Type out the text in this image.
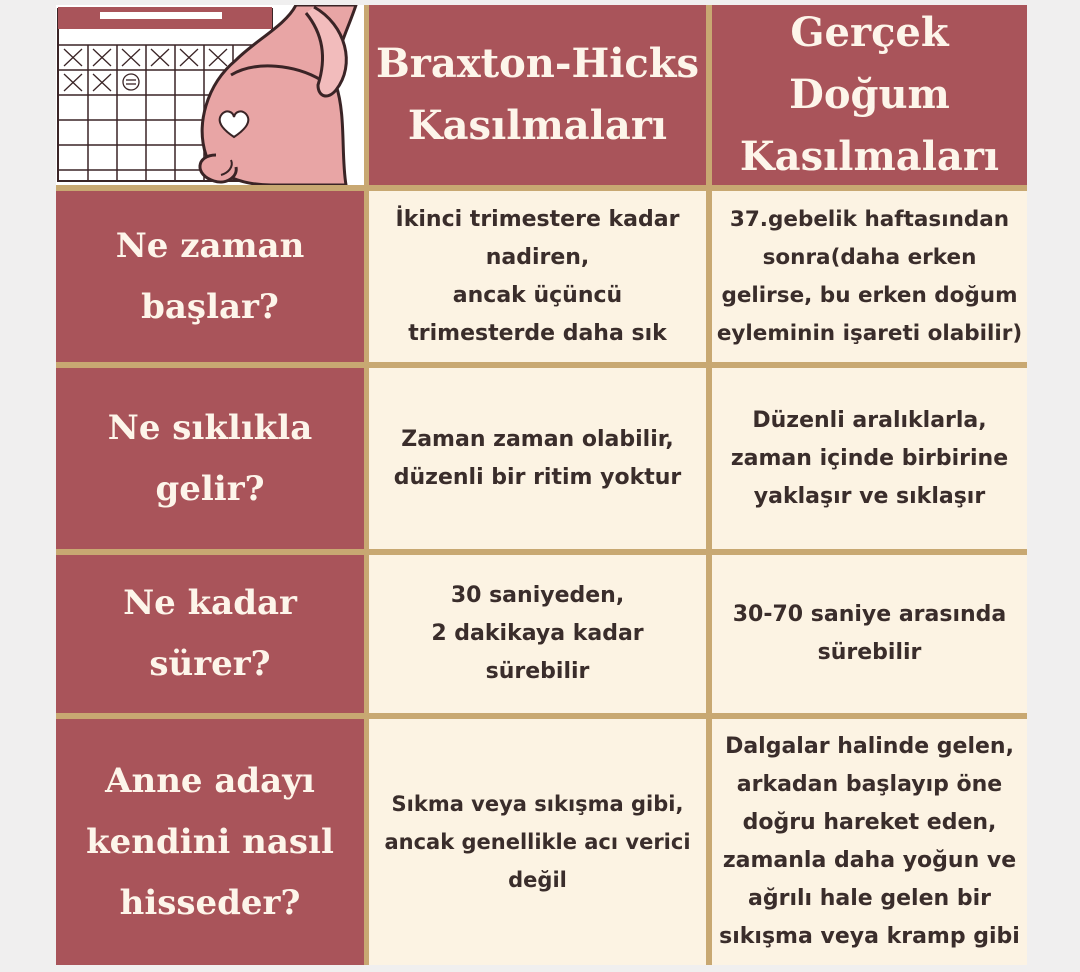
Braxton-Hicks
Kasılmaları
Gerçek Doğum
Kasılmaları
Ne zaman
başlar?
İkinci trimestere kadar
nadiren,
ancak üçüncü
trimesterde daha sık
37.gebelik haftasından
sonra(daha erken
gelirse, bu erken doğum
eyleminin işareti olabilir)
Ne sıklıkla
gelir?
Zaman zaman olabilir,
düzenli bir ritim yoktur
Düzenli aralıklarla,
zaman içinde birbirine
yaklaşır ve sıklaşır
Ne kadar
sürer?
30 saniyeden,
2 dakikaya kadar
sürebilir
30-70 saniye arasında
sürebilir
Anne adayı
kendini nasıl
hisseder?
Sıkma veya sıkışma gibi,
ancak genellikle acı verici
değil
Dalgalar halinde gelen,
arkadan başlayıp öne
doğru hareket eden,
zamanla daha yoğun ve
ağrılı hale gelen bir
sıkışma veya kramp gibi
